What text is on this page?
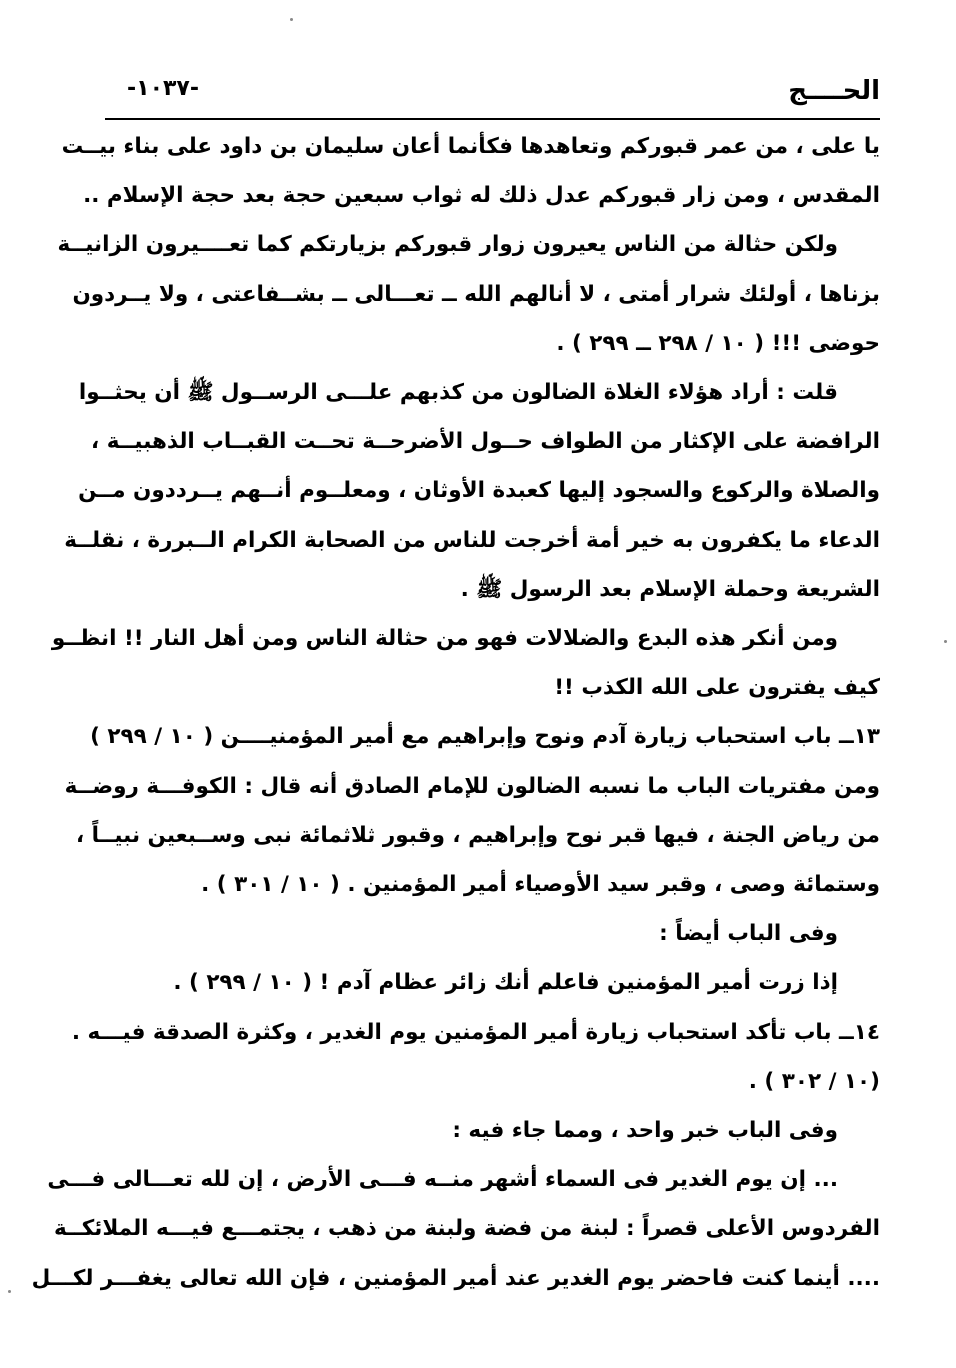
الحــــج
-١٠٣٧-
يا على ، من عمر قبوركم وتعاهدها فكأنما أعان سليمان بن داود على بناء بيــت
المقدس ، ومن زار قبوركم عدل ذلك له ثواب سبعين حجة بعد حجة الإسلام ..
ولكن حثالة من الناس يعيرون زوار قبوركم بزيارتكم كما تعــــيرون الزانيــة
بزناها ، أولئك شرار أمتى ، لا أنالهم الله ــ تعـــالى ــ بشــفاعتى ، ولا يــردون
حوضى !!! ( ١٠ / ٢٩٨ ــ ٢٩٩ ) .
قلت : أراد هؤلاء الغلاة الضالون من كذبهم علـــى الرســول ﷺ أن يحثــوا
الرافضة على الإكثار من الطواف حــول الأضرحــة تحــت القبــاب الذهبيــة ،
والصلاة والركوع والسجود إليها كعبدة الأوثان ، ومعلــوم أنــهم يــرددون مــن
الدعاء ما يكفرون به خير أمة أخرجت للناس من الصحابة الكرام الــبررة ، نقلــة
الشريعة وحملة الإسلام بعد الرسول ﷺ .
ومن أنكر هذه البدع والضلالات فهو من حثالة الناس ومن أهل النار !! انظــو
كيف يفترون على الله الكذب !!
١٣ــ باب استحباب زيارة آدم ونوح وإبراهيم مع أمير المؤمنيــــن ( ١٠ / ٢٩٩ )
ومن مفتريات الباب ما نسبه الضالون للإمام الصادق أنه قال : الكوفـــة روضــة
من رياض الجنة ، فيها قبر نوح وإبراهيم ، وقبور ثلاثمائة نبى وســبعين نبيــاً ،
وستمائة وصى ، وقبر سيد الأوصياء أمير المؤمنين . ( ١٠ / ٣٠١ ) .
وفى الباب أيضاً :
إذا زرت أمير المؤمنين فاعلم أنك زائر عظام آدم ! ( ١٠ / ٢٩٩ ) .
١٤ــ باب تأكد استحباب زيارة أمير المؤمنين يوم الغدير ، وكثرة الصدقة فيـــه .
(١٠ / ٣٠٢ ) .
وفى الباب خبر واحد ، ومما جاء فيه :
... إن يوم الغدير فى السماء أشهر منــه فـــى الأرض ، إن لله تعـــالى فـــى
الفردوس الأعلى قصراً : لبنة من فضة ولبنة من ذهب ، يجتمـــع فيـــه الملائكــة
.... أينما كنت فاحضر يوم الغدير عند أمير المؤمنين ، فإن الله تعالى يغفـــر لكـــل
